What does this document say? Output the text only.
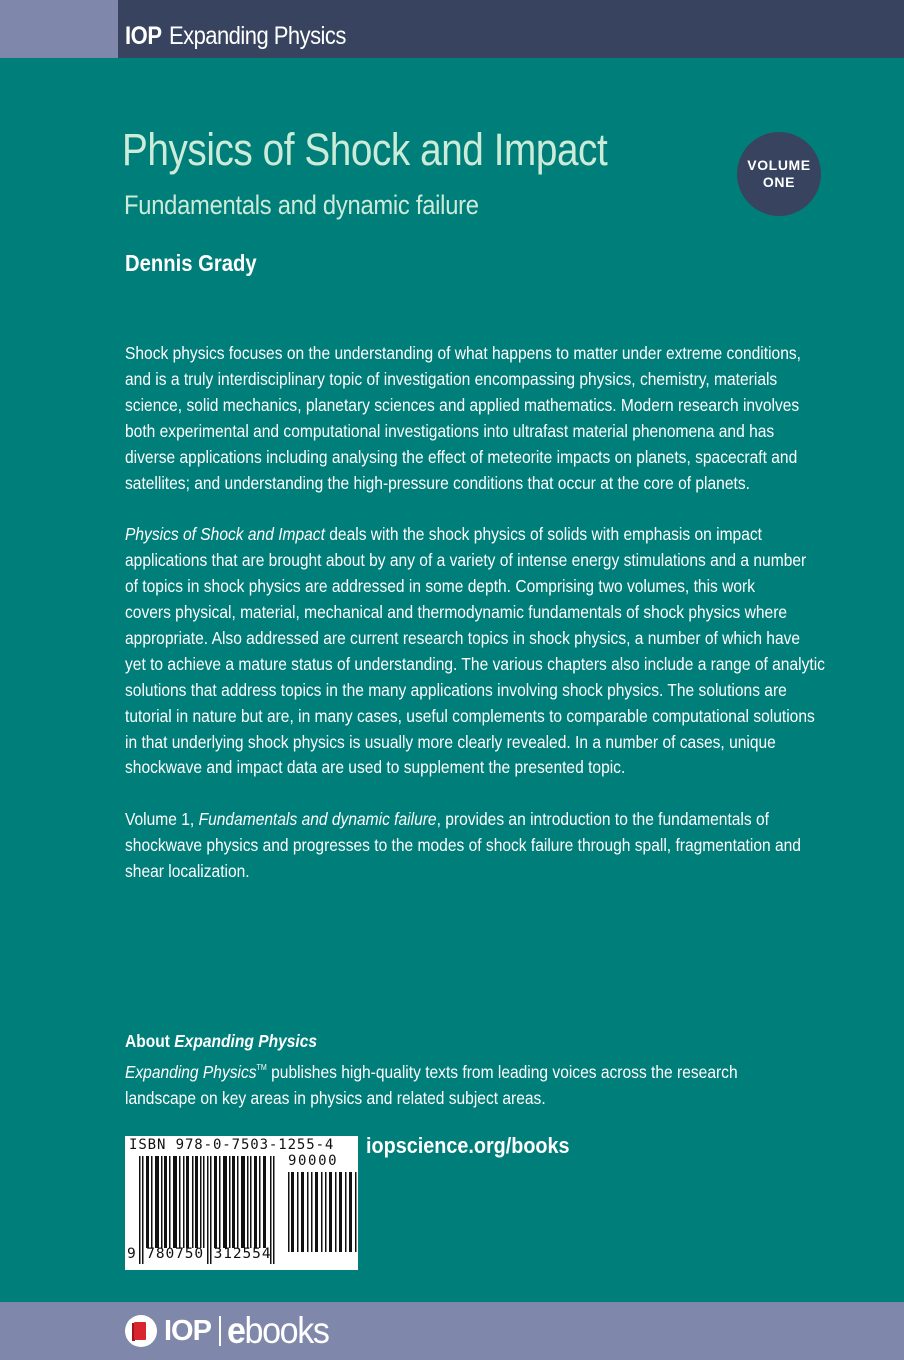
IOP Expanding Physics
Physics of Shock and Impact
Fundamentals and dynamic failure
Dennis Grady
VOLUME
ONE

Shock physics focuses on the understanding of what happens to matter under extreme conditions,
and is a truly interdisciplinary topic of investigation encompassing physics, chemistry, materials
science, solid mechanics, planetary sciences and applied mathematics. Modern research involves
both experimental and computational investigations into ultrafast material phenomena and has
diverse applications including analysing the effect of meteorite impacts on planets, spacecraft and
satellites; and understanding the high-pressure conditions that occur at the core of planets.

Physics of Shock and Impact deals with the shock physics of solids with emphasis on impact
applications that are brought about by any of a variety of intense energy stimulations and a number
of topics in shock physics are addressed in some depth. Comprising two volumes, this work
covers physical, material, mechanical and thermodynamic fundamentals of shock physics where
appropriate. Also addressed are current research topics in shock physics, a number of which have
yet to achieve a mature status of understanding. The various chapters also include a range of analytic
solutions that address topics in the many applications involving shock physics. The solutions are
tutorial in nature but are, in many cases, useful complements to comparable computational solutions
in that underlying shock physics is usually more clearly revealed. In a number of cases, unique
shockwave and impact data are used to supplement the presented topic.

Volume 1, Fundamentals and dynamic failure, provides an introduction to the fundamentals of
shockwave physics and progresses to the modes of shock failure through spall, fragmentation and
shear localization.

About Expanding Physics
Expanding Physics™ publishes high-quality texts from leading voices across the research
landscape on key areas in physics and related subject areas.
ISBN 978-0-7503-1255-4
90000
9 780750 312554
iopscience.org/books
IOP ebooks
